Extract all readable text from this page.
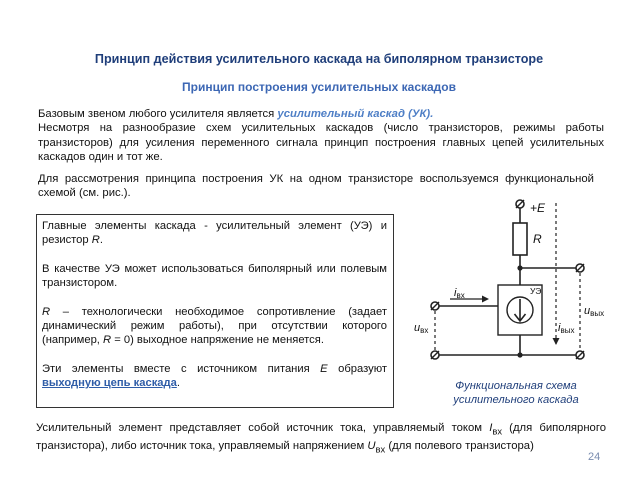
Принцип действия усилительного каскада на биполярном транзисторе
Принцип построения усилительных каскадов
Базовым звеном любого усилителя является усилительный каскад (УК).
Несмотря на разнообразие схем усилительных каскадов (число транзисторов, режимы работы транзисторов) для усиления переменного сигнала принцип построения главных цепей усилительных каскадов один и тот же.
Для рассмотрения принципа построения УК на одном транзисторе воспользуемся функциональной схемой (см. рис.).

Главные элементы каскада - усилительный элемент (УЭ) и резистор R.

В качестве УЭ может использоваться биполярный или полевым транзистором.

R – технологически необходимое сопротивление (задает динамический режим работы), при отсутствии которого (например, R = 0) выходное напряжение не меняется.

Эти элементы вместе с источником питания E образуют выходную цепь каскада.

+E
R
УЭ
iвх
uвх	iвых
uвых
Функциональная схема
усилительного каскада
Усилительный элемент представляет собой источник тока, управляемый током $I_{вх}$ (для биполярного транзистора), либо источник тока, управляемый напряжением $U_{вх}$ (для полевого транзистора)
24
